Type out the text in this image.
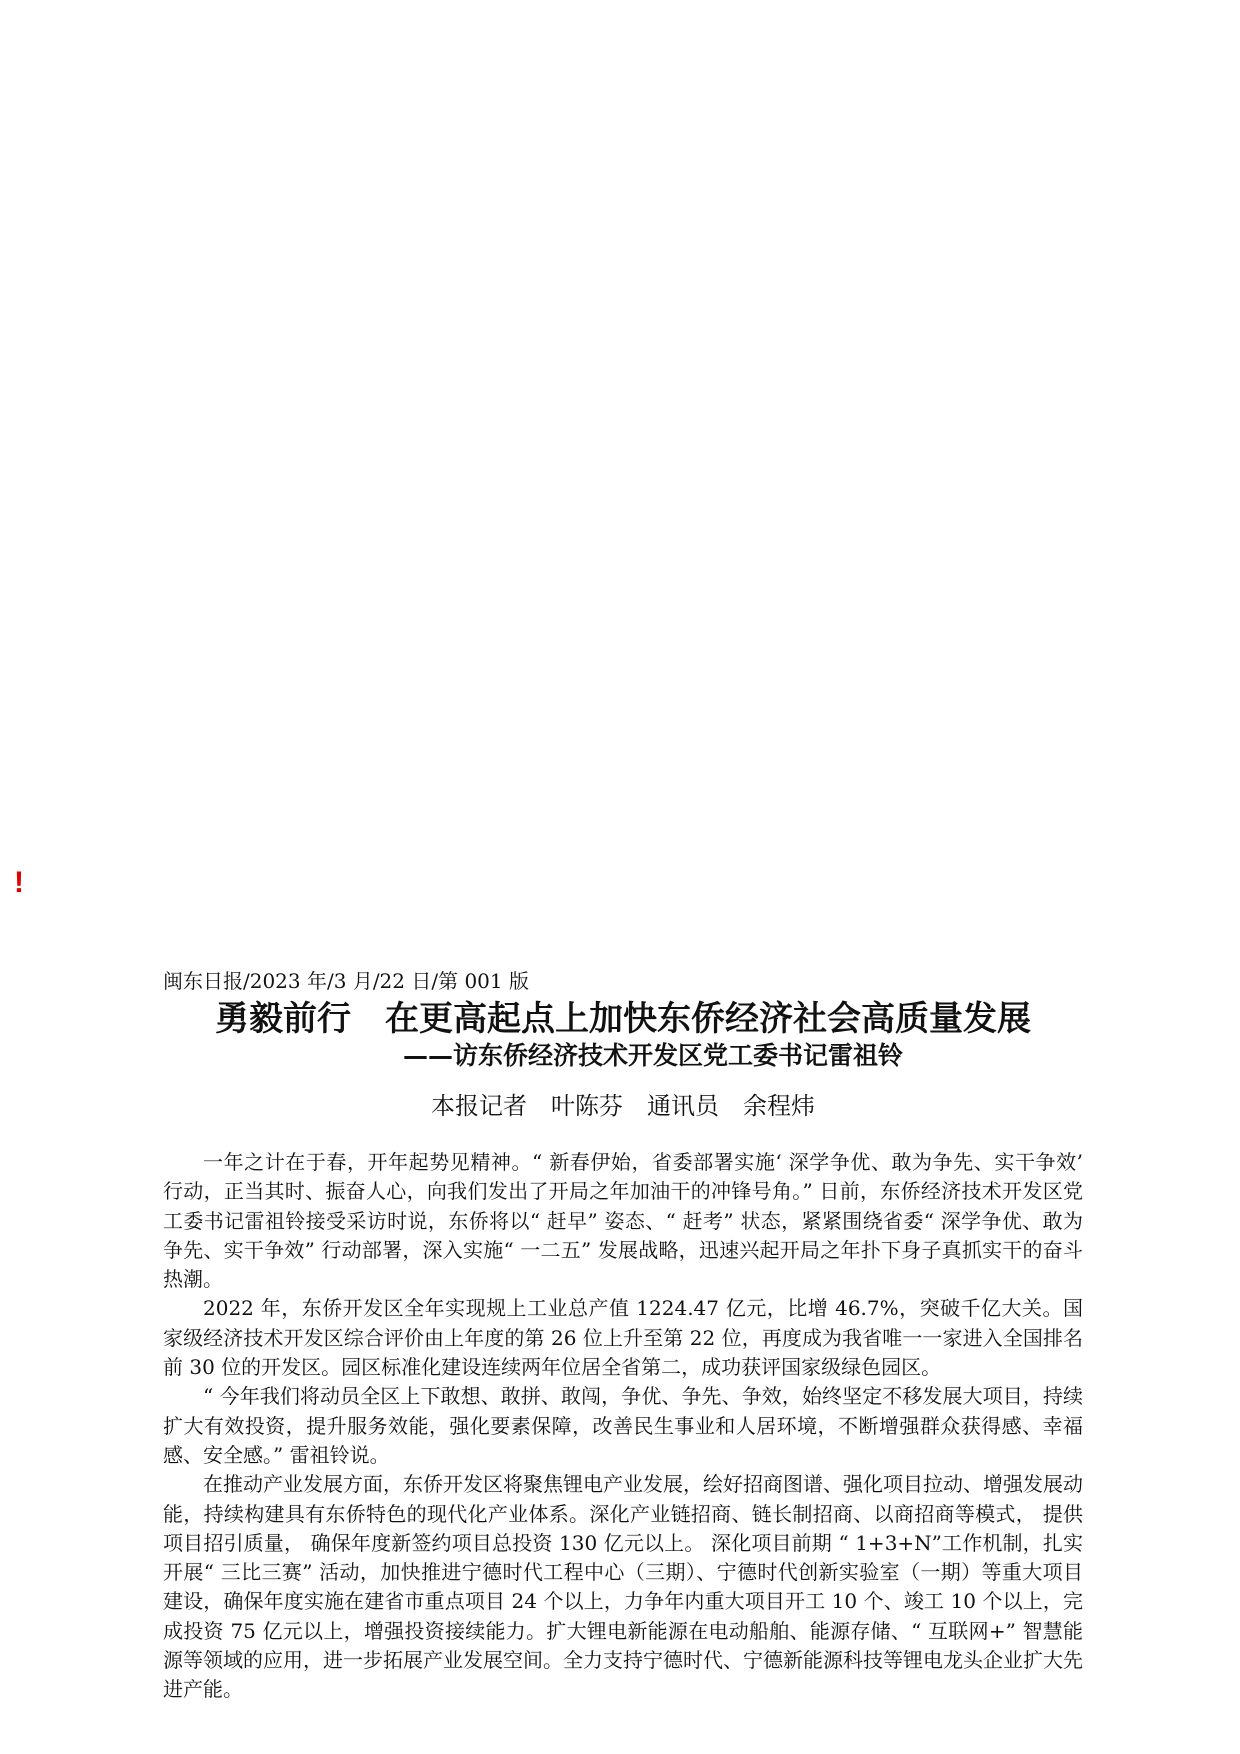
!

闽东日报/2023 年/3 月/22 日/第 001 版

勇毅前行　在更高起点上加快东侨经济社会高质量发展
——访东侨经济技术开发区党工委书记雷祖铃

本报记者　叶陈芬　通讯员　余程炜

一年之计在于春，开年起势见精神。“ 新春伊始，省委部署实施‘ 深学争优、敢为争先、实干争效’ 行动，正当其时、振奋人心，向我们发出了开局之年加油干的冲锋号角。” 日前，东侨经济技术开发区党工委书记雷祖铃接受采访时说，东侨将以“ 赶早” 姿态、“ 赶考” 状态，紧紧围绕省委“ 深学争优、敢为争先、实干争效” 行动部署，深入实施“ 一二五” 发展战略，迅速兴起开局之年扑下身子真抓实干的奋斗热潮。

2022 年，东侨开发区全年实现规上工业总产值 1224.47 亿元，比增 46.7%，突破千亿大关。国家级经济技术开发区综合评价由上年度的第 26 位上升至第 22 位，再度成为我省唯一一家进入全国排名前 30 位的开发区。园区标准化建设连续两年位居全省第二，成功获评国家级绿色园区。

“ 今年我们将动员全区上下敢想、敢拼、敢闯，争优、争先、争效，始终坚定不移发展大项目，持续扩大有效投资，提升服务效能，强化要素保障，改善民生事业和人居环境，不断增强群众获得感、幸福感、安全感。” 雷祖铃说。

在推动产业发展方面，东侨开发区将聚焦锂电产业发展，绘好招商图谱、强化项目拉动、增强发展动能，持续构建具有东侨特色的现代化产业体系。深化产业链招商、链长制招商、以商招商等模式， 提供项目招引质量， 确保年度新签约项目总投资 130 亿元以上。 深化项目前期 “ 1+3+N”工作机制，扎实开展“ 三比三赛” 活动，加快推进宁德时代工程中心（三期）、宁德时代创新实验室（一期）等重大项目建设，确保年度实施在建省市重点项目 24 个以上，力争年内重大项目开工 10 个、竣工 10 个以上，完成投资 75 亿元以上，增强投资接续能力。扩大锂电新能源在电动船舶、能源存储、“ 互联网+” 智慧能源等领域的应用，进一步拓展产业发展空间。全力支持宁德时代、宁德新能源科技等锂电龙头企业扩大先进产能。
